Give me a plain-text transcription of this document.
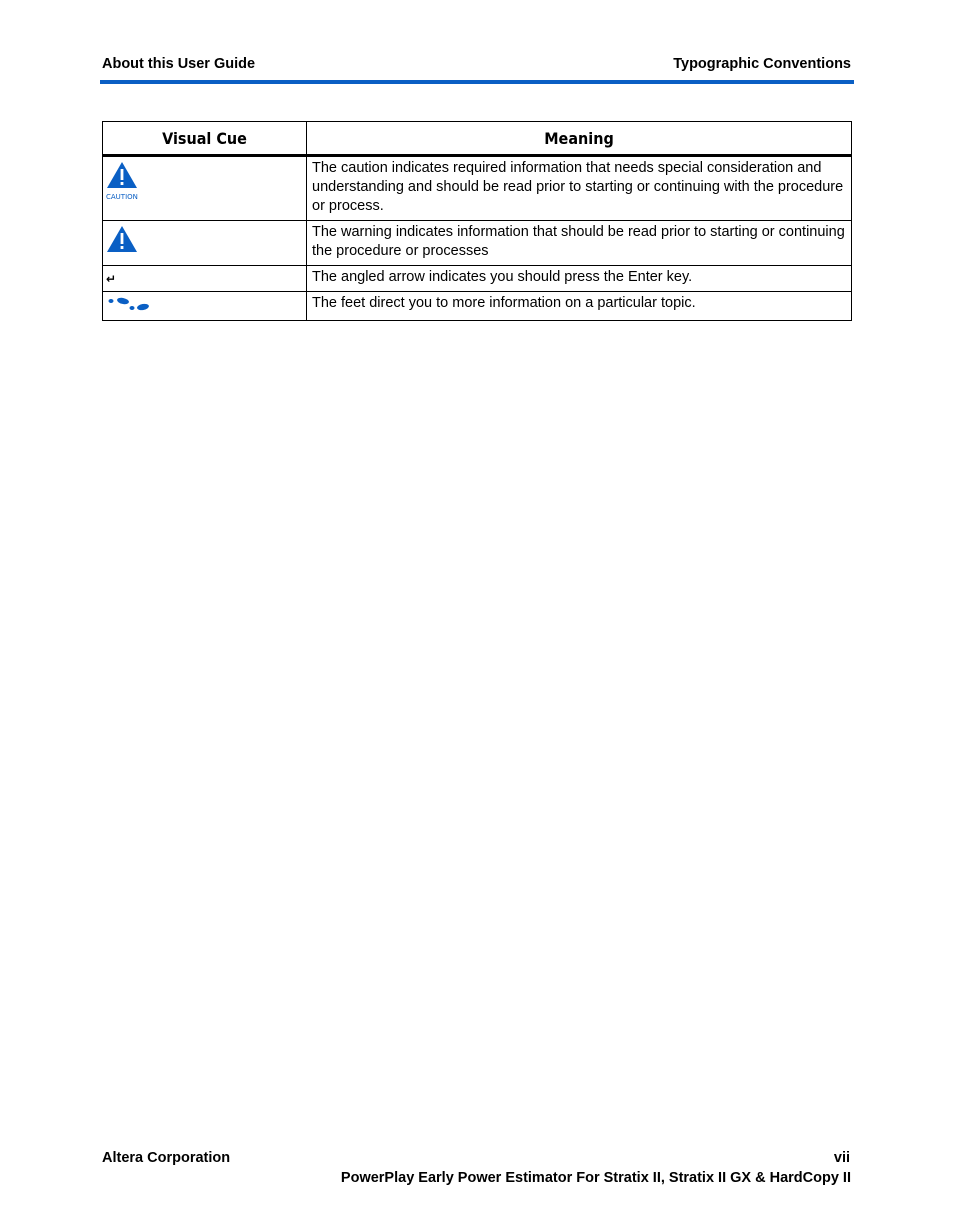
About this User Guide	Typographic Conventions
Visual Cue	Meaning

CAUTION	The caution indicates required information that needs special consideration and understanding and should be read prior to starting or continuing with the procedure or process.
	The warning indicates information that should be read prior to starting or continuing the procedure or processes
↵	The angled arrow indicates you should press the Enter key.
	The feet direct you to more information on a particular topic.
Altera Corporation	vii
PowerPlay Early Power Estimator For Stratix II, Stratix II GX & HardCopy II
